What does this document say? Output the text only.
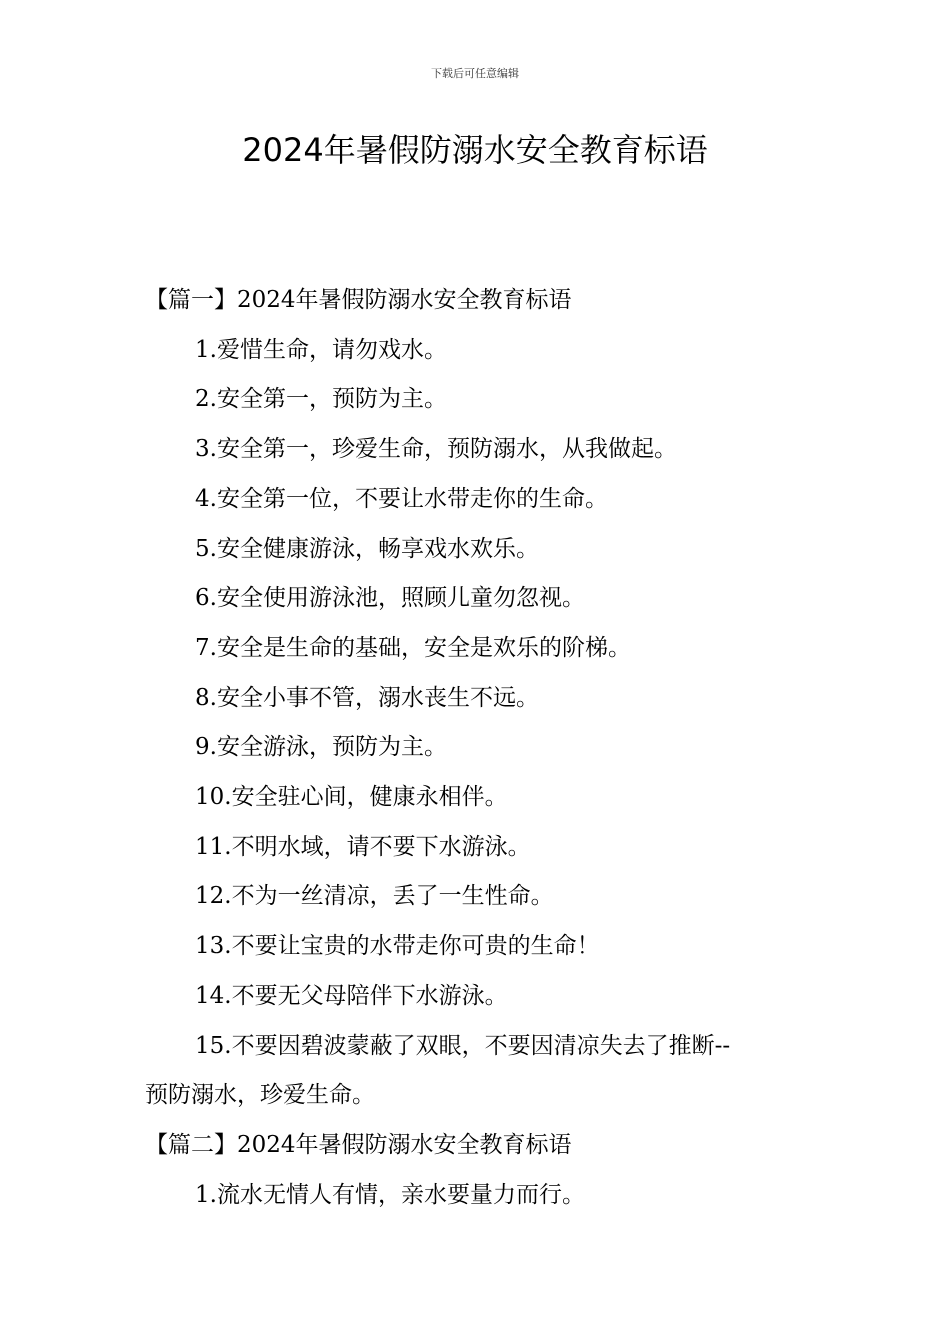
下载后可任意编辑
2024年暑假防溺水安全教育标语

【篇一】2024年暑假防溺水安全教育标语

1.爱惜生命，请勿戏水。

2.安全第一，预防为主。

3.安全第一，珍爱生命，预防溺水，从我做起。

4.安全第一位，不要让水带走你的生命。

5.安全健康游泳，畅享戏水欢乐。

6.安全使用游泳池，照顾儿童勿忽视。

7.安全是生命的基础，安全是欢乐的阶梯。

8.安全小事不管，溺水丧生不远。

9.安全游泳，预防为主。

10.安全驻心间，健康永相伴。

11.不明水域，请不要下水游泳。

12.不为一丝清凉，丢了一生性命。

13.不要让宝贵的水带走你可贵的生命！

14.不要无父母陪伴下水游泳。

15.不要因碧波蒙蔽了双眼，不要因清凉失去了推断--

预防溺水，珍爱生命。

【篇二】2024年暑假防溺水安全教育标语

1.流水无情人有情，亲水要量力而行。
